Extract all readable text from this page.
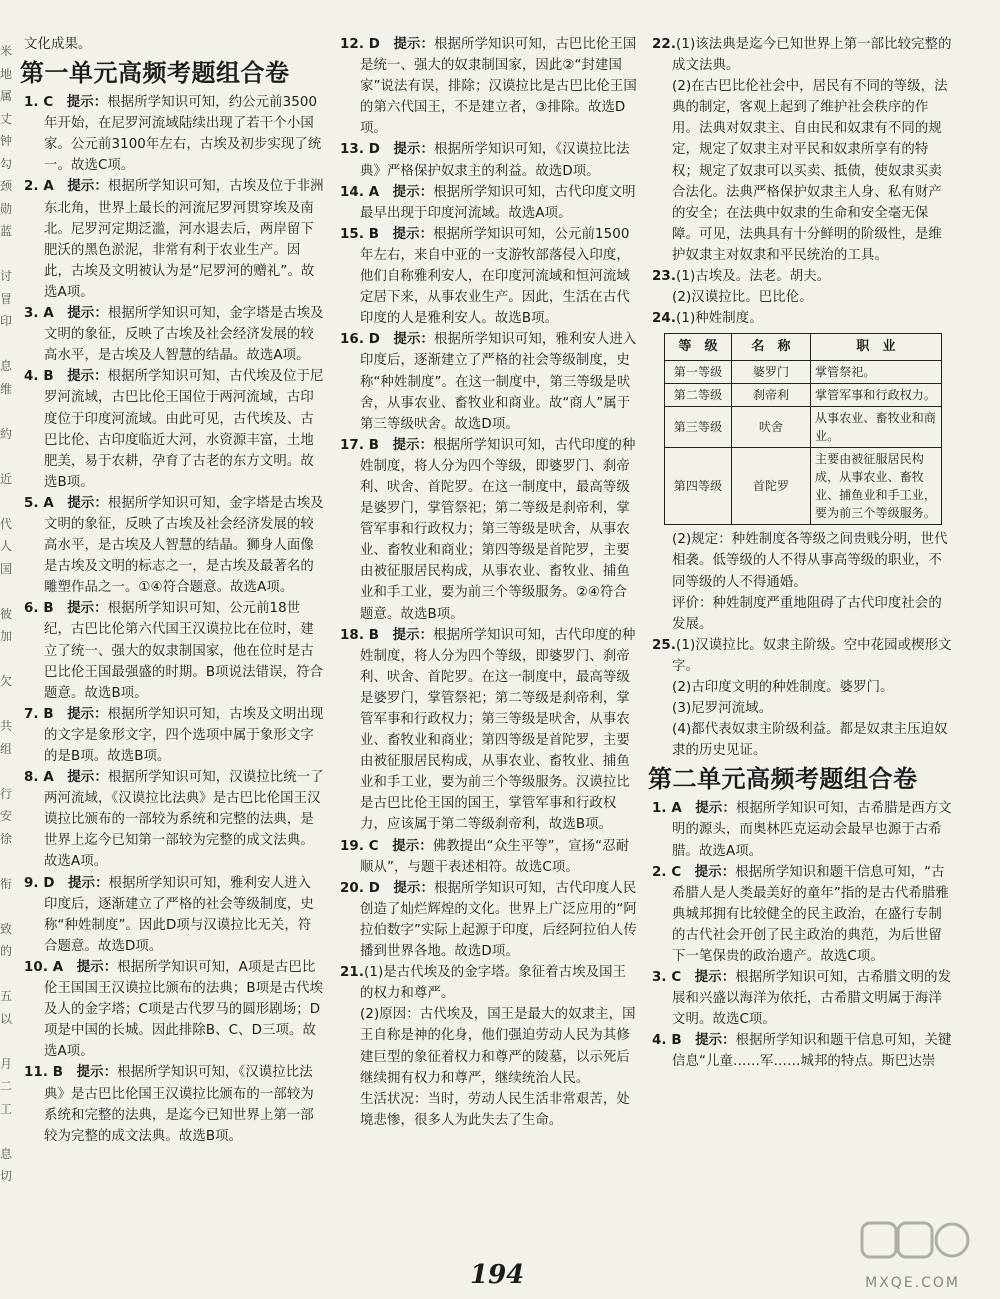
米
地
属
丈
钟
勾
颈
勋
蓝
讨
冒
印
息
维
約
近
代
人
国
彼
加
欠
共
组
行
安
徐
衔
致
的
五
以
月
二
工
息
切

文化成果。

第一单元高频考题组合卷

1. C　 提示：根据所学知识可知，约公元前3500年开始，在尼罗河流域陆续出现了若干个小国家。公元前3100年左右，古埃及初步实现了统一。故选C项。

2. A　 提示：根据所学知识可知，古埃及位于非洲东北角，世界上最长的河流尼罗河贯穿埃及南北。尼罗河定期泛滥，河水退去后，两岸留下肥沃的黑色淤泥，非常有利于农业生产。因此，古埃及文明被认为是“尼罗河的赠礼”。故选A项。

3. A　 提示：根据所学知识可知，金字塔是古埃及文明的象征，反映了古埃及社会经济发展的较高水平，是古埃及人智慧的结晶。故选A项。

4. B　 提示：根据所学知识可知，古代埃及位于尼罗河流域，古巴比伦王国位于两河流域，古印度位于印度河流域。由此可见，古代埃及、古巴比伦、古印度临近大河，水资源丰富，土地肥美，易于农耕，孕育了古老的东方文明。故选B项。

5. A　 提示：根据所学知识可知，金字塔是古埃及文明的象征，反映了古埃及社会经济发展的较高水平，是古埃及人智慧的结晶。狮身人面像是古埃及文明的标志之一，是古埃及最著名的雕塑作品之一。①④符合题意。故选A项。

6. B　 提示：根据所学知识可知，公元前18世纪，古巴比伦第六代国王汉谟拉比在位时，建立了统一、强大的奴隶制国家，他在位时是古巴比伦王国最强盛的时期。B项说法错误，符合题意。故选B项。

7. B　 提示：根据所学知识可知，古埃及文明出现的文字是象形文字，四个选项中属于象形文字的是B项。故选B项。

8. A　 提示：根据所学知识可知，汉谟拉比统一了两河流域，《汉谟拉比法典》是古巴比伦国王汉谟拉比颁布的一部较为系统和完整的法典，是世界上迄今已知第一部较为完整的成文法典。故选A项。

9. D　 提示：根据所学知识可知，雅利安人进入印度后，逐渐建立了严格的社会等级制度，史称“种姓制度”。因此D项与汉谟拉比无关，符合题意。故选D项。

10. A　 提示：根据所学知识可知，A项是古巴比伦王国国王汉谟拉比颁布的法典；B项是古代埃及人的金字塔；C项是古代罗马的圆形剧场；D项是中国的长城。因此排除B、C、D三项。故选A项。

11. B　 提示：根据所学知识可知，《汉谟拉比法典》是古巴比伦国王汉谟拉比颁布的一部较为系统和完整的法典，是迄今已知世界上第一部较为完整的成文法典。故选B项。

12. D　 提示：根据所学知识可知，古巴比伦王国是统一、强大的奴隶制国家，因此②“封建国家”说法有误，排除；汉谟拉比是古巴比伦王国的第六代国王，不是建立者，③排除。故选D项。

13. D　 提示：根据所学知识可知，《汉谟拉比法典》严格保护奴隶主的利益。故选D项。

14. A　 提示：根据所学知识可知，古代印度文明最早出现于印度河流域。故选A项。

15. B　 提示：根据所学知识可知，公元前1500年左右，来自中亚的一支游牧部落侵入印度，他们自称雅利安人，在印度河流域和恒河流域定居下来，从事农业生产。因此，生活在古代印度的人是雅利安人。故选B项。

16. D　 提示：根据所学知识可知，雅利安人进入印度后，逐渐建立了严格的社会等级制度，史称“种姓制度”。在这一制度中，第三等级是吠舍，从事农业、畜牧业和商业。故“商人”属于第三等级吠舍。故选D项。

17. B　 提示：根据所学知识可知，古代印度的种姓制度，将人分为四个等级，即婆罗门、刹帝利、吠舍、首陀罗。在这一制度中，最高等级是婆罗门，掌管祭祀；第二等级是刹帝利，掌管军事和行政权力；第三等级是吠舍，从事农业、畜牧业和商业；第四等级是首陀罗，主要由被征服居民构成，从事农业、畜牧业、捕鱼业和手工业，要为前三个等级服务。②④符合题意。故选B项。

18. B　 提示：根据所学知识可知，古代印度的种姓制度，将人分为四个等级，即婆罗门、刹帝利、吠舍、首陀罗。在这一制度中，最高等级是婆罗门，掌管祭祀；第二等级是刹帝利，掌管军事和行政权力；第三等级是吠舍，从事农业、畜牧业和商业；第四等级是首陀罗，主要由被征服居民构成，从事农业、畜牧业、捕鱼业和手工业，要为前三个等级服务。汉谟拉比是古巴比伦王国的国王，掌管军事和行政权力，应该属于第二等级刹帝利，故选B项。

19. C　 提示：佛教提出“众生平等”，宣扬“忍耐顺从”，与题干表述相符。故选C项。

20. D　 提示：根据所学知识可知，古代印度人民创造了灿烂辉煌的文化。世界上广泛应用的“阿拉伯数字”实际上起源于印度，后经阿拉伯人传播到世界各地。故选D项。

21.(1)是古代埃及的金字塔。象征着古埃及国王的权力和尊严。

(2)原因：古代埃及，国王是最大的奴隶主，国王自称是神的化身，他们强迫劳动人民为其修建巨型的象征着权力和尊严的陵墓，以示死后继续拥有权力和尊严，继续统治人民。

生活状况：当时，劳动人民生活非常艰苦，处境悲惨，很多人为此失去了生命。

22.(1)该法典是迄今已知世界上第一部比较完整的成文法典。

(2)在古巴比伦社会中，居民有不同的等级，法典的制定，客观上起到了维护社会秩序的作用。法典对奴隶主、自由民和奴隶有不同的规定，规定了奴隶主对平民和奴隶所享有的特权；规定了奴隶可以买卖、抵债，使奴隶买卖合法化。法典严格保护奴隶主人身、私有财产的安全；在法典中奴隶的生命和安全毫无保障。可见，法典具有十分鲜明的阶级性，是维护奴隶主对奴隶和平民统治的工具。

23.(1)古埃及。法老。胡夫。

(2)汉谟拉比。巴比伦。

24.(1)种姓制度。

等　级	名　称	职　业
第一等级	婆罗门	掌管祭祀。
第二等级	刹帝利	掌管军事和行政权力。
第三等级	吠舍	从事农业、畜牧业和商业。
第四等级	首陀罗	主要由被征服居民构成，从事农业、畜牧业、捕鱼业和手工业，要为前三个等级服务。

(2)规定：种姓制度各等级之间贵贱分明，世代相袭。低等级的人不得从事高等级的职业，不同等级的人不得通婚。

评价：种姓制度严重地阻碍了古代印度社会的发展。

25.(1)汉谟拉比。奴隶主阶级。空中花园或楔形文字。

(2)古印度文明的种姓制度。婆罗门。

(3)尼罗河流域。

(4)都代表奴隶主阶级利益。都是奴隶主压迫奴隶的历史见证。

第二单元高频考题组合卷

1. A　 提示：根据所学知识可知，古希腊是西方文明的源头，而奥林匹克运动会最早也源于古希腊。故选A项。

2. C　 提示：根据所学知识和题干信息可知，“古希腊人是人类最美好的童年”指的是古代希腊雅典城邦拥有比较健全的民主政治，在盛行专制的古代社会开创了民主政治的典范，为后世留下一笔保贵的政治遗产。故选C项。

3. C　 提示：根据所学知识可知，古希腊文明的发展和兴盛以海洋为依托，古希腊文明属于海洋文明。故选C项。

4. B　 提示：根据所学知识和题干信息可知，关键信息“儿童……军……城邦的特点。斯巴达崇

194	MXQE.COM
